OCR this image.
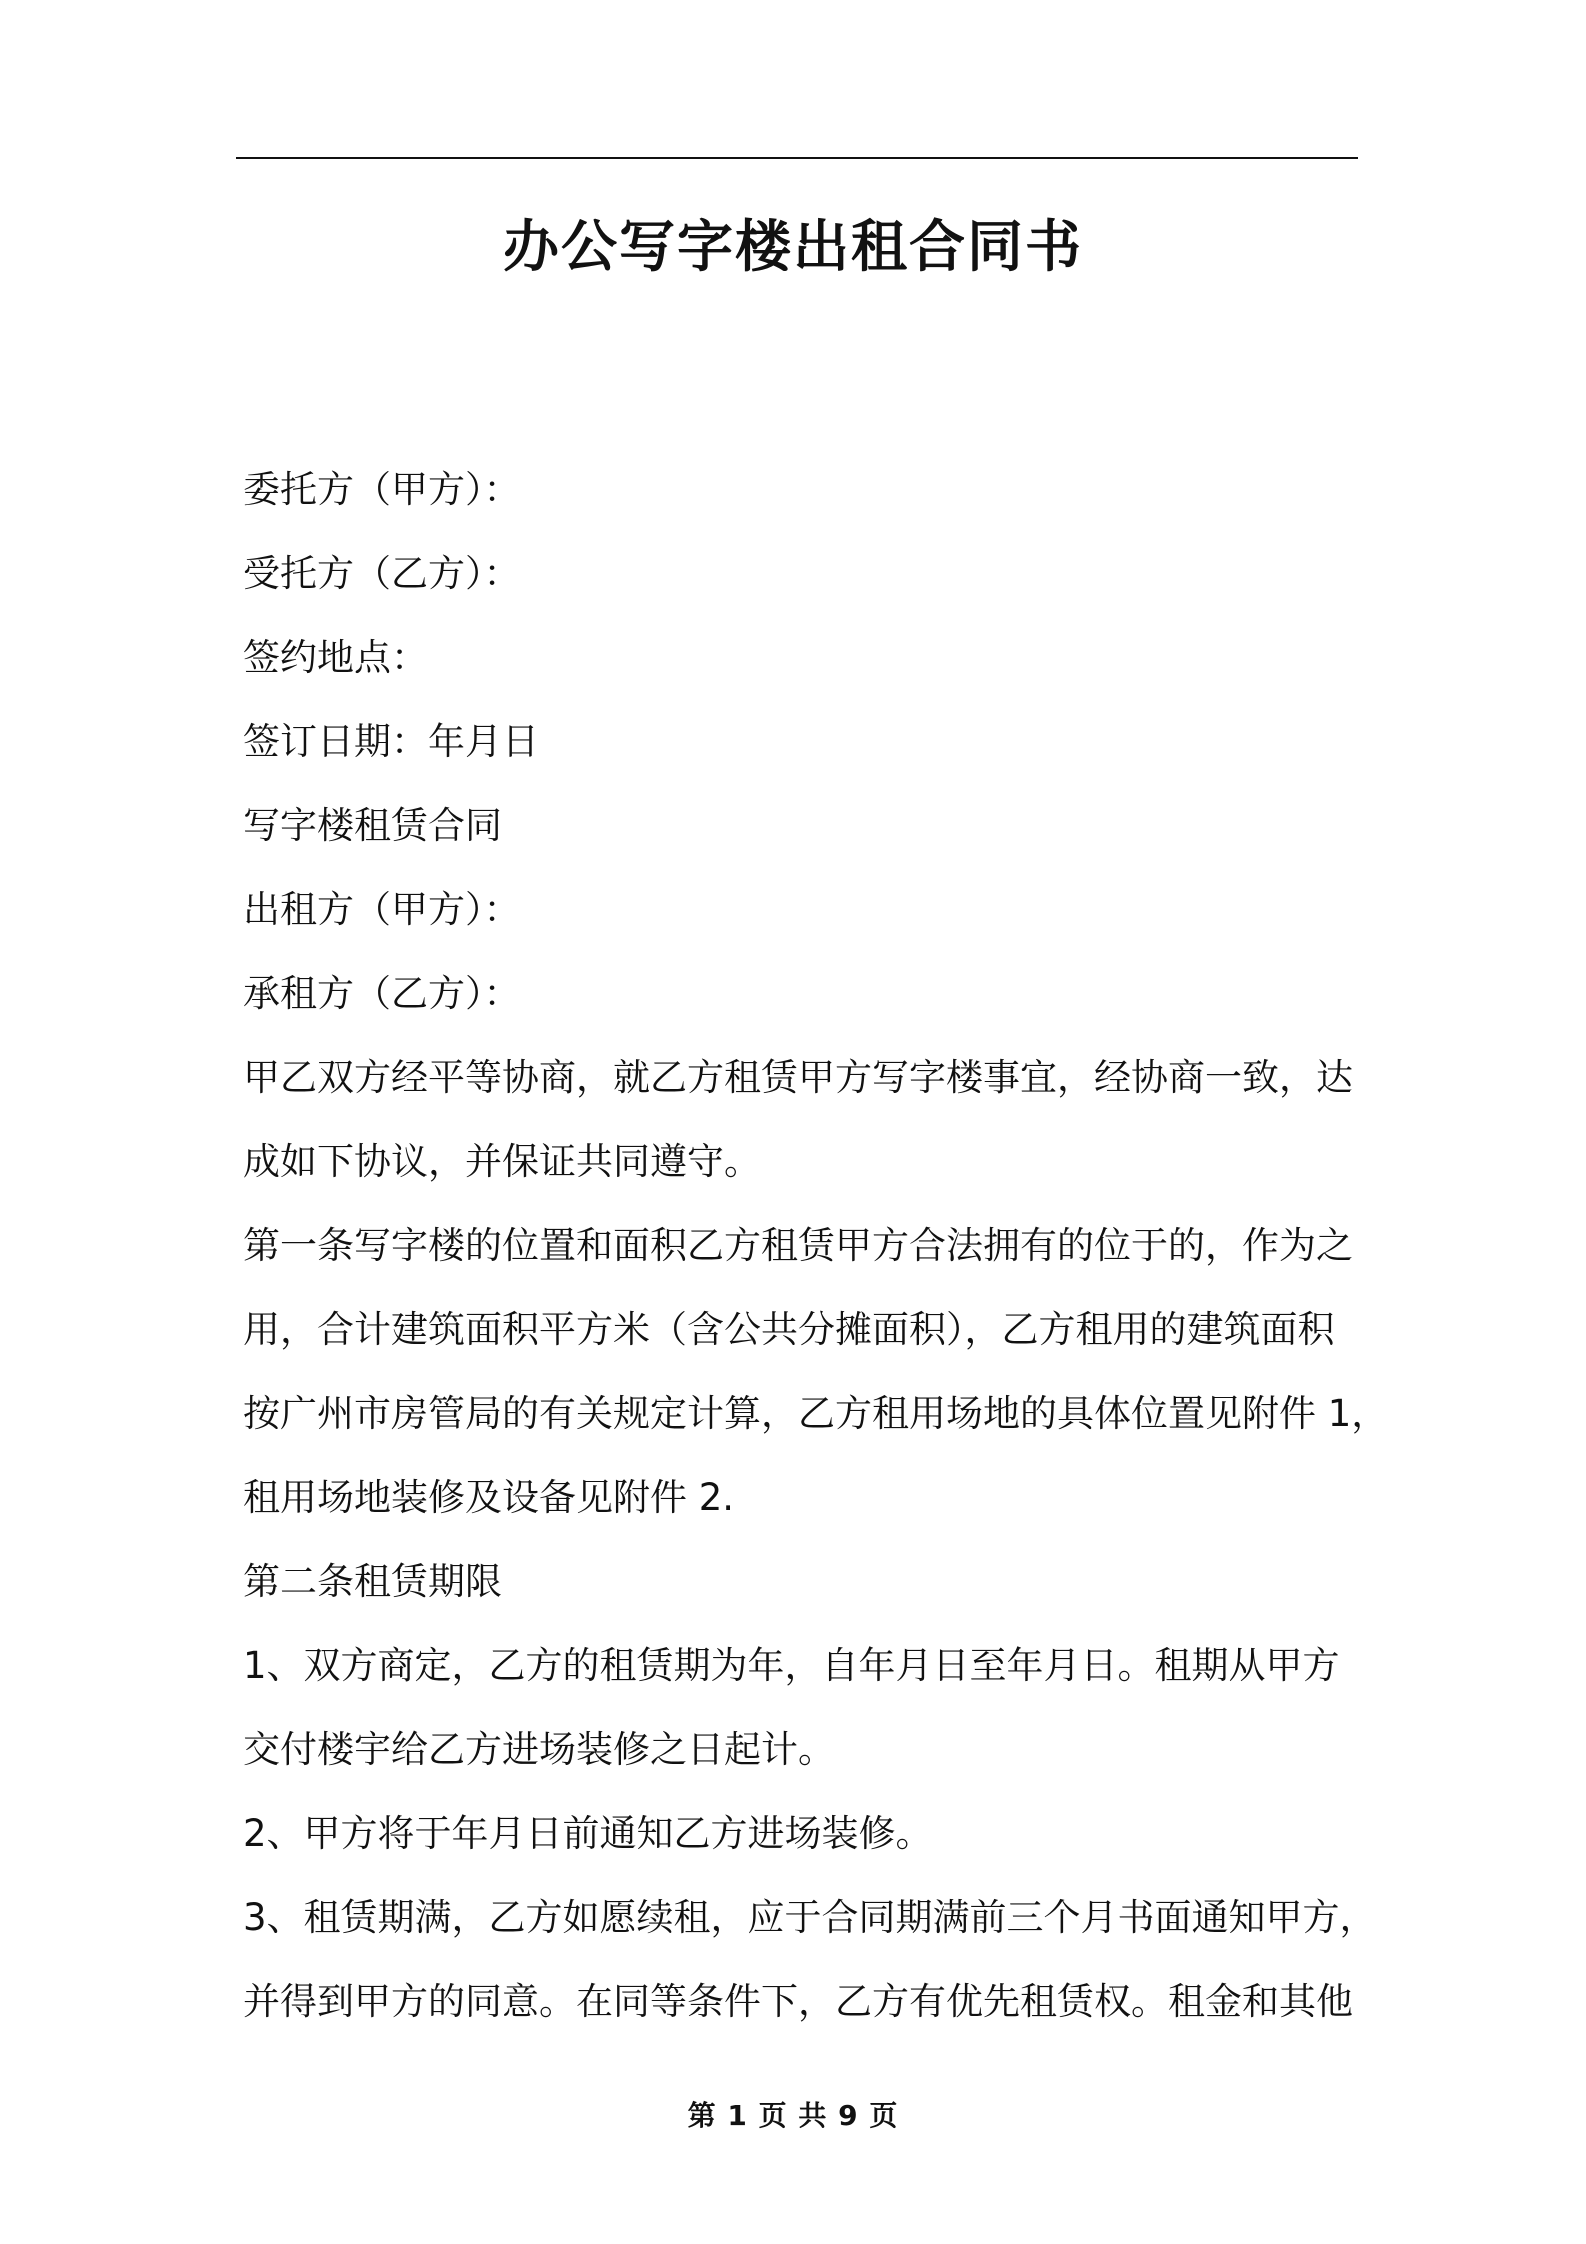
办公写字楼出租合同书
委托方（甲方）：
受托方（乙方）：
签约地点：
签订日期：年月日
写字楼租赁合同
出租方（甲方）：
承租方（乙方）：
甲乙双方经平等协商，就乙方租赁甲方写字楼事宜，经协商一致，达
成如下协议，并保证共同遵守。
第一条写字楼的位置和面积乙方租赁甲方合法拥有的位于的，作为之
用，合计建筑面积平方米（含公共分摊面积），乙方租用的建筑面积
按广州市房管局的有关规定计算，乙方租用场地的具体位置见附件 1，
租用场地装修及设备见附件 2.
第二条租赁期限
1、双方商定，乙方的租赁期为年，自年月日至年月日。租期从甲方
交付楼宇给乙方进场装修之日起计。
2、甲方将于年月日前通知乙方进场装修。
3、租赁期满，乙方如愿续租，应于合同期满前三个月书面通知甲方，
并得到甲方的同意。在同等条件下，乙方有优先租赁权。租金和其他
第 1 页 共 9 页
